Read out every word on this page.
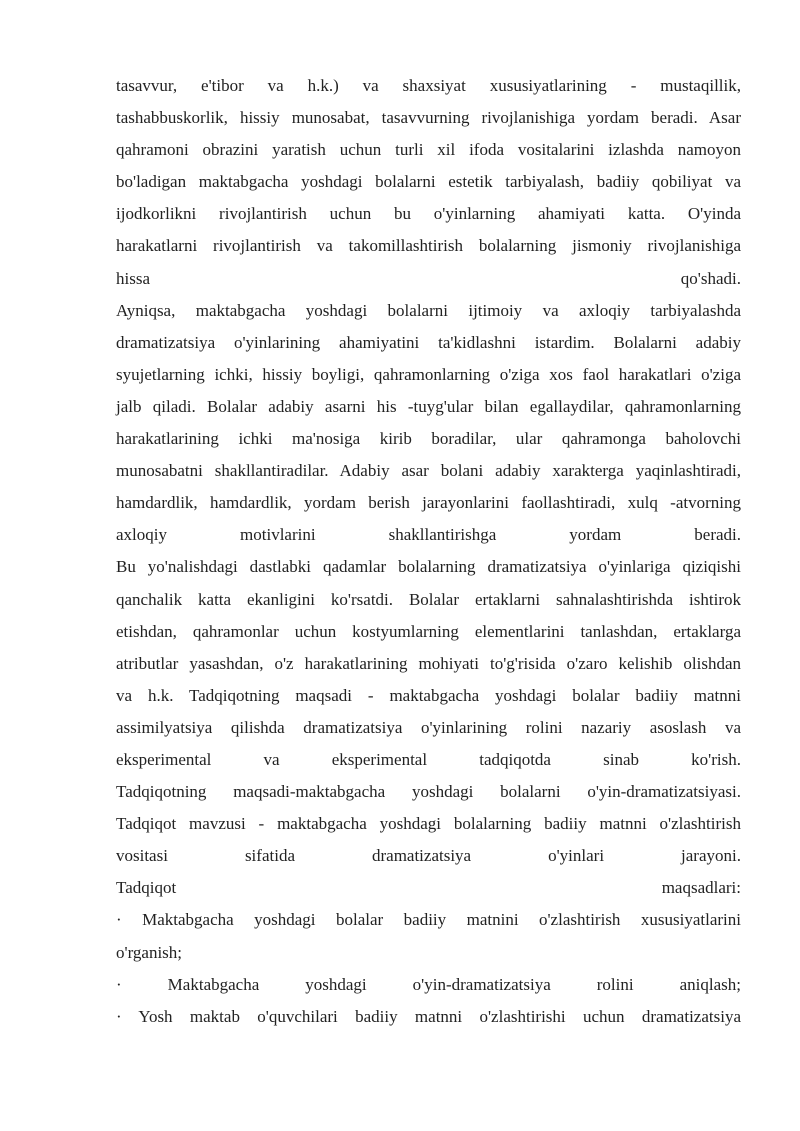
tasavvur, e'tibor va h.k.) va shaxsiyat xususiyatlarining - mustaqillik,
tashabbuskorlik, hissiy munosabat, tasavvurning rivojlanishiga yordam beradi. Asar
qahramoni obrazini yaratish uchun turli xil ifoda vositalarini izlashda namoyon
bo'ladigan maktabgacha yoshdagi bolalarni estetik tarbiyalash, badiiy qobiliyat va
ijodkorlikni rivojlantirish uchun bu o'yinlarning ahamiyati katta. O'yinda
harakatlarni rivojlantirish va takomillashtirish bolalarning jismoniy rivojlanishiga
hissa qo'shadi.
Ayniqsa, maktabgacha yoshdagi bolalarni ijtimoiy va axloqiy tarbiyalashda
dramatizatsiya o'yinlarining ahamiyatini ta'kidlashni istardim. Bolalarni adabiy
syujetlarning ichki, hissiy boyligi, qahramonlarning o'ziga xos faol harakatlari o'ziga
jalb qiladi. Bolalar adabiy asarni his -tuyg'ular bilan egallaydilar, qahramonlarning
harakatlarining ichki ma'nosiga kirib boradilar, ular qahramonga baholovchi
munosabatni shakllantiradilar. Adabiy asar bolani adabiy xarakterga yaqinlashtiradi,
hamdardlik, hamdardlik, yordam berish jarayonlarini faollashtiradi, xulq -atvorning
axloqiy motivlarini shakllantirishga yordam beradi.
Bu yo'nalishdagi dastlabki qadamlar bolalarning dramatizatsiya o'yinlariga qiziqishi
qanchalik katta ekanligini ko'rsatdi. Bolalar ertaklarni sahnalashtirishda ishtirok
etishdan, qahramonlar uchun kostyumlarning elementlarini tanlashdan, ertaklarga
atributlar yasashdan, o'z harakatlarining mohiyati to'g'risida o'zaro kelishib olishdan
va h.k. Tadqiqotning maqsadi - maktabgacha yoshdagi bolalar badiiy matnni
assimilyatsiya qilishda dramatizatsiya o'yinlarining rolini nazariy asoslash va
eksperimental va eksperimental tadqiqotda sinab ko'rish.
Tadqiqotning maqsadi-maktabgacha yoshdagi bolalarni o'yin-dramatizatsiyasi.
Tadqiqot mavzusi - maktabgacha yoshdagi bolalarning badiiy matnni o'zlashtirish
vositasi sifatida dramatizatsiya o'yinlari jarayoni.
Tadqiqot maqsadlari:
· Maktabgacha yoshdagi bolalar badiiy matnini o'zlashtirish xususiyatlarini
o'rganish;
· Maktabgacha yoshdagi o'yin-dramatizatsiya rolini aniqlash;
· Yosh maktab o'quvchilari badiiy matnni o'zlashtirishi uchun dramatizatsiya
